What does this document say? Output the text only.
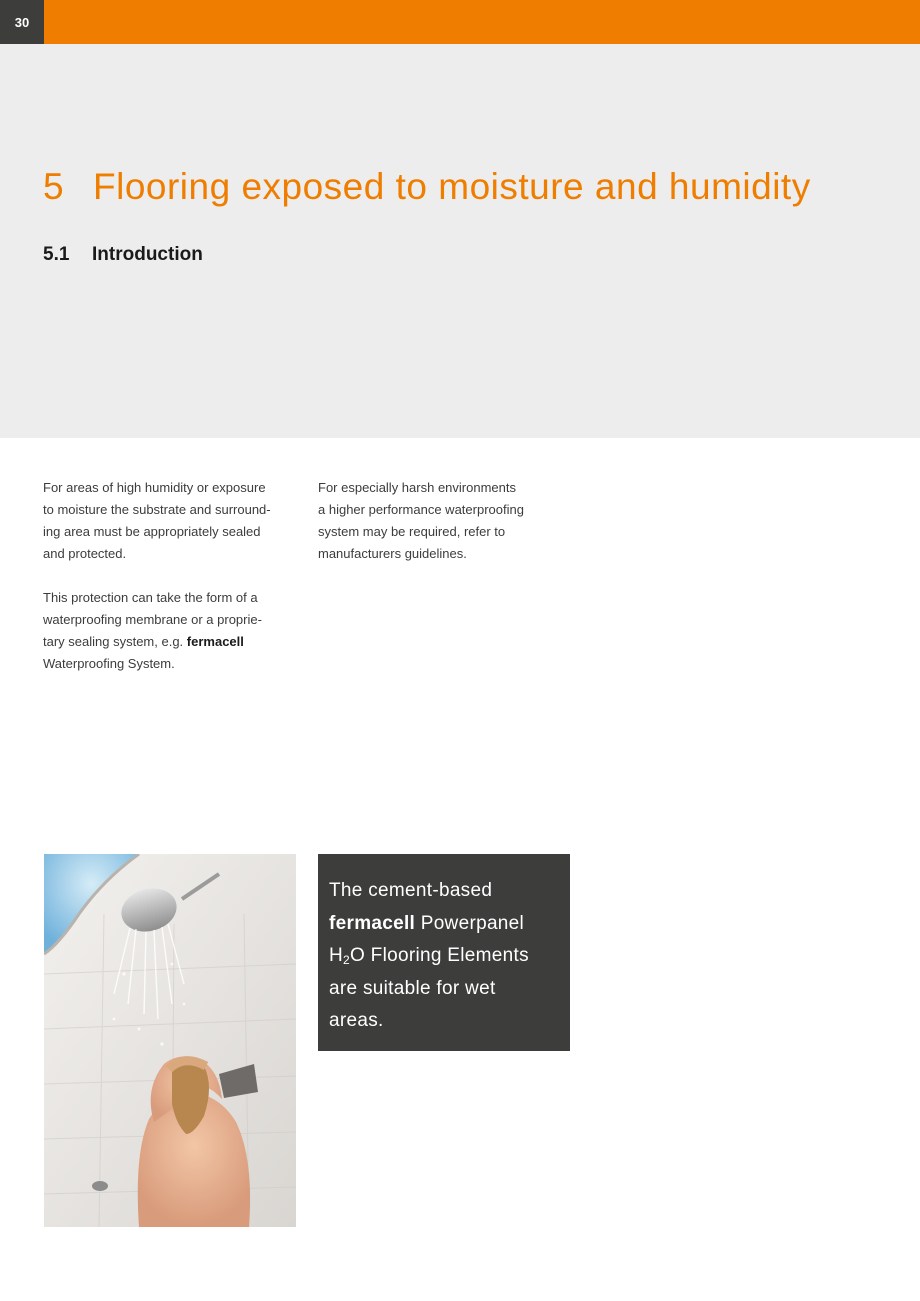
30
5 Flooring exposed to moisture and humidity
5.1 Introduction

For areas of high humidity or exposure
to moisture the substrate and surround-
ing area must be appropriately sealed
and protected.

This protection can take the form of a
waterproofing membrane or a proprie-
tary sealing system, e.g. fermacell
Waterproofing System.

For especially harsh environments
a higher performance waterproofing
system may be required, refer to
manufacturers guidelines.

The cement-based
fermacell Powerpanel
$H_2O$ Flooring Elements
are suitable for wet
areas.
